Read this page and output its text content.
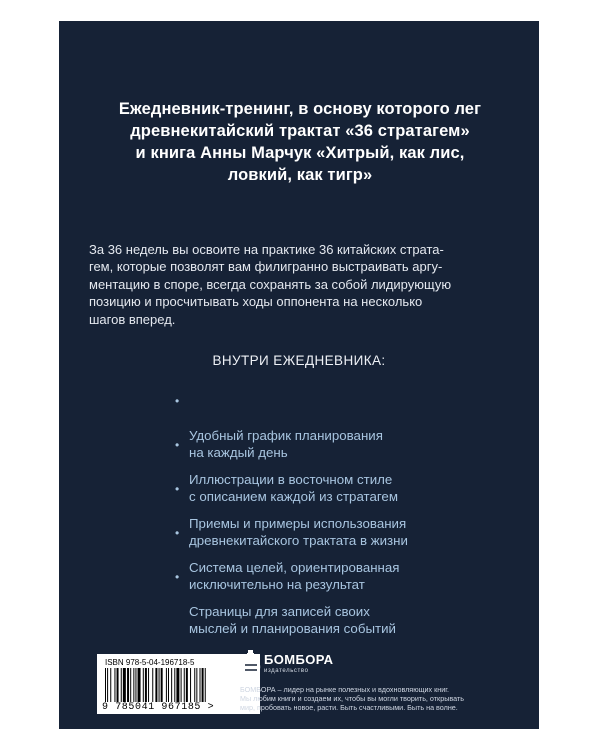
Ежедневник-тренинг, в основу которого лег
древнекитайский трактат «36 стратагем»
и книга Анны Марчук «Хитрый, как лис,
ловкий, как тигр»
За 36 недель вы освоите на практике 36 китайских страта-
гем, которые позволят вам филигранно выстраивать аргу-
ментацию в споре, всегда сохранять за собой лидирующую
позицию и просчитывать ходы оппонента на несколько
шагов вперед.
ВНУТРИ ЕЖЕДНЕВНИКА:

•

Удобный график планирования
на каждый день

•

Иллюстрации в восточном стиле
с описанием каждой из стратагем

•

Приемы и примеры использования
древнекитайского трактата в жизни

•

Система целей, ориентированная
исключительно на результат

•

Страницы для записей своих
мыслей и планирования событий

ISBN 978-5-04-196718-5
9 785041 967185 >
БОМБОРА
издательство
БОМБОРА – лидер на рынке полезных и вдохновляющих книг.
Мы любим книги и создаем их, чтобы вы могли творить, открывать
мир, пробовать новое, расти. Быть счастливыми. Быть на волне.
